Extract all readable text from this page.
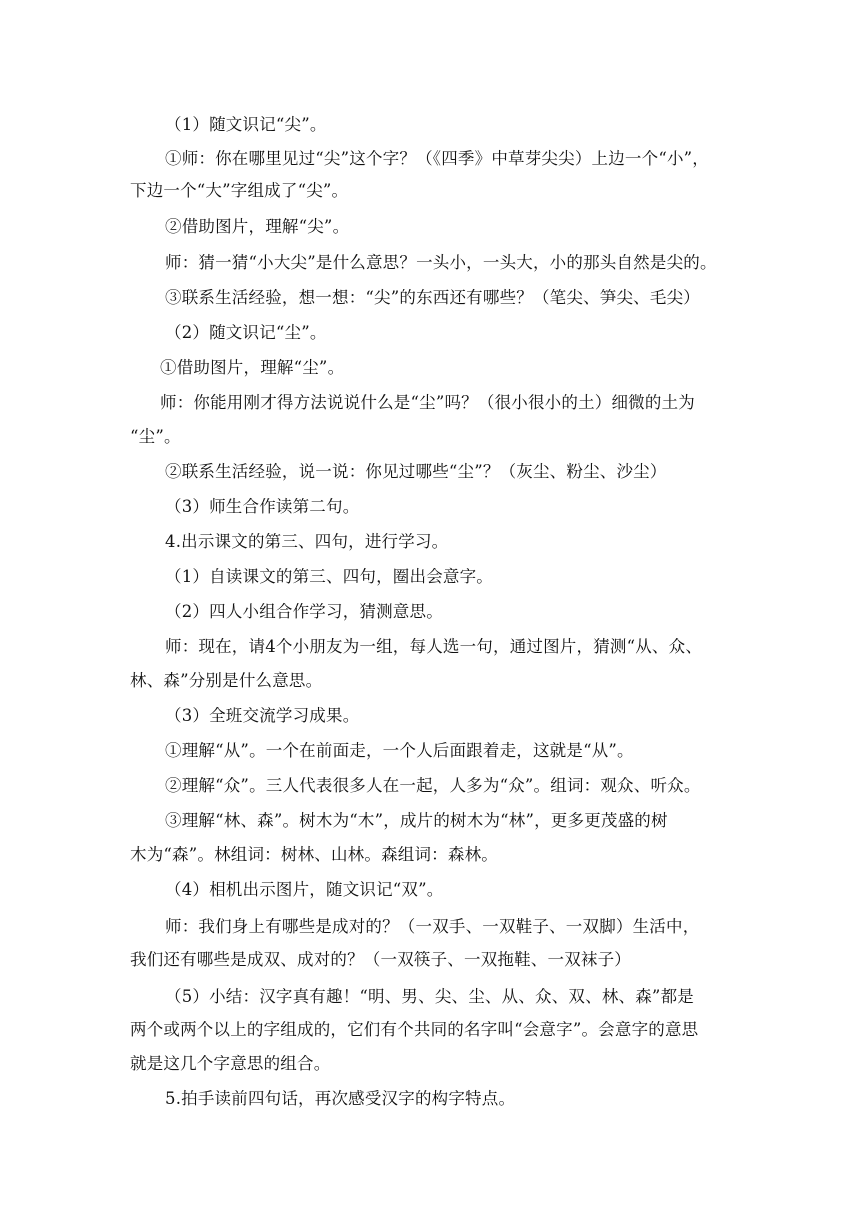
（1）随文识记“尖”。
①师：你在哪里见过“尖”这个字？（《四季》中草芽尖尖）上边一个“小”，
下边一个“大”字组成了“尖”。
②借助图片，理解“尖”。
师：猜一猜“小大尖”是什么意思？一头小，一头大，小的那头自然是尖的。
③联系生活经验，想一想：“尖”的东西还有哪些？（笔尖、笋尖、毛尖）
（2）随文识记“尘”。
①借助图片，理解“尘”。
师：你能用刚才得方法说说什么是“尘”吗？（很小很小的土）细微的土为
“尘”。
②联系生活经验，说一说：你见过哪些“尘”？（灰尘、粉尘、沙尘）
（3）师生合作读第二句。
4.出示课文的第三、四句，进行学习。
（1）自读课文的第三、四句，圈出会意字。
（2）四人小组合作学习，猜测意思。
师：现在，请4个小朋友为一组，每人选一句，通过图片，猜测“从、众、
林、森”分别是什么意思。
（3）全班交流学习成果。
①理解“从”。一个在前面走，一个人后面跟着走，这就是“从”。
②理解“众”。三人代表很多人在一起，人多为“众”。组词：观众、听众。
③理解“林、森”。树木为“木”，成片的树木为“林”，更多更茂盛的树
木为“森”。林组词：树林、山林。森组词：森林。
（4）相机出示图片，随文识记“双”。
师：我们身上有哪些是成对的？（一双手、一双鞋子、一双脚）生活中，
我们还有哪些是成双、成对的？（一双筷子、一双拖鞋、一双袜子）
（5）小结：汉字真有趣！“明、男、尖、尘、从、众、双、林、森”都是
两个或两个以上的字组成的，它们有个共同的名字叫“会意字”。会意字的意思
就是这几个字意思的组合。
5.拍手读前四句话，再次感受汉字的构字特点。
